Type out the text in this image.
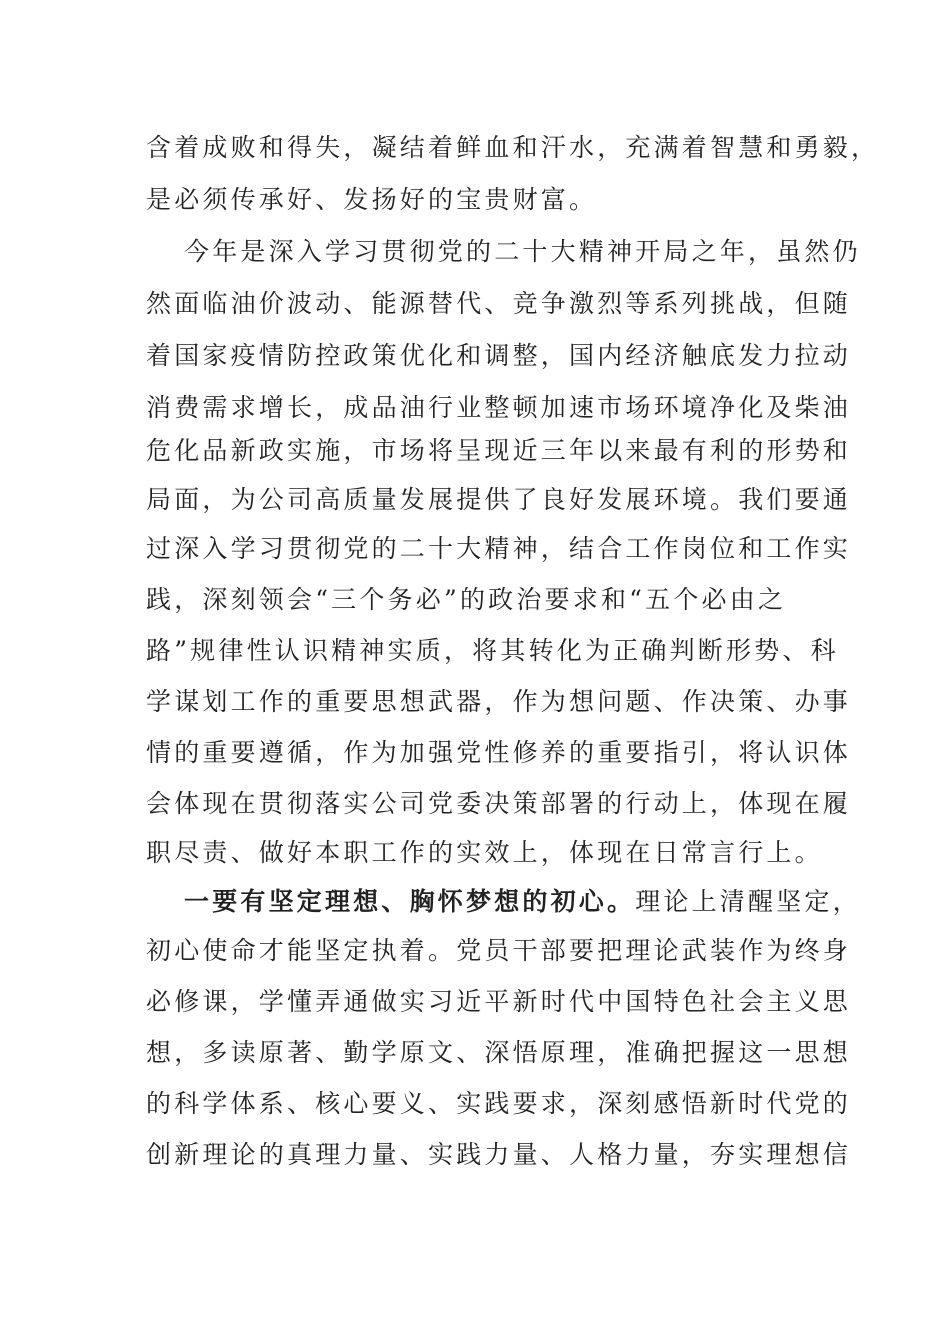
含着成败和得失，凝结着鲜血和汗水，充满着智慧和勇毅，
是必须传承好、发扬好的宝贵财富。
今年是深入学习贯彻党的二十大精神开局之年，虽然仍
然面临油价波动、能源替代、竞争激烈等系列挑战，但随
着国家疫情防控政策优化和调整，国内经济触底发力拉动
消费需求增长，成品油行业整顿加速市场环境净化及柴油
危化品新政实施，市场将呈现近三年以来最有利的形势和
局面，为公司高质量发展提供了良好发展环境。我们要通
过深入学习贯彻党的二十大精神，结合工作岗位和工作实
践，深刻领会“三个务必”的政治要求和“五个必由之
路”规律性认识精神实质，将其转化为正确判断形势、科
学谋划工作的重要思想武器，作为想问题、作决策、办事
情的重要遵循，作为加强党性修养的重要指引，将认识体
会体现在贯彻落实公司党委决策部署的行动上，体现在履
职尽责、做好本职工作的实效上，体现在日常言行上。
一要有坚定理想、胸怀梦想的初心。理论上清醒坚定，
初心使命才能坚定执着。党员干部要把理论武装作为终身
必修课，学懂弄通做实习近平新时代中国特色社会主义思
想，多读原著、勤学原文、深悟原理，准确把握这一思想
的科学体系、核心要义、实践要求，深刻感悟新时代党的
创新理论的真理力量、实践力量、人格力量，夯实理想信
